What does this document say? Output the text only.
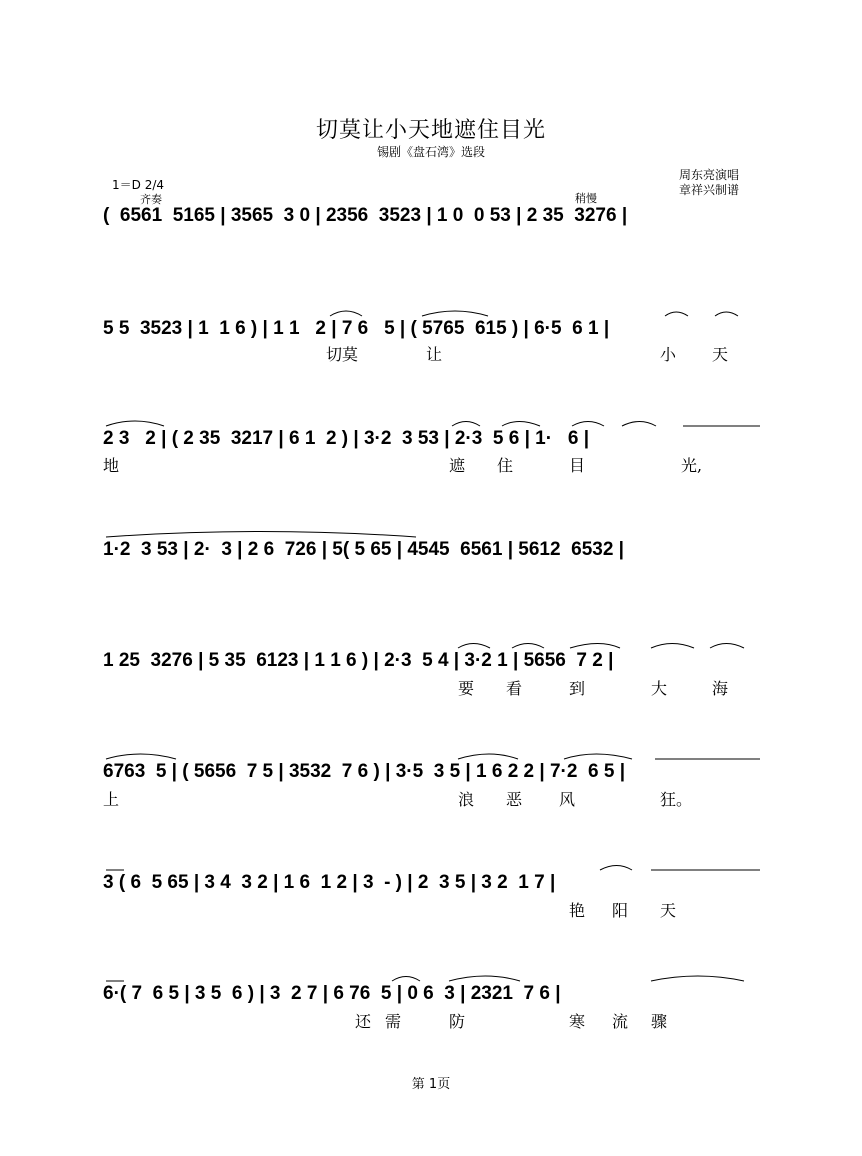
切莫让小天地遮住目光
锡剧《盘石湾》选段
周东亮演唱
章祥兴制谱
1＝D 2/4
齐奏	稍慢
(  6561  5165 | 3565  3 0 | 2356  3523 | 1 0  0 53 | 2 35  3276 |
5 5  3523 | 1  1 6 ) | 1 1   2 | 7 6   5 | ( 5765  615 ) | 6·5  6 1 |
2 3   2 | ( 2 35  3217 | 6 1  2 ) | 3·2  3 53 | 2·3  5 6 | 1·   6 |
1·2  3 53 | 2·  3 | 2 6  726 | 5( 5 65 | 4545  6561 | 5612  6532 |
1 25  3276 | 5 35  6123 | 1 1 6 ) | 2·3  5 4 | 3·2 1 | 5656  7 2 |
6763  5 | ( 5656  7 5 | 3532  7 6 ) | 3·5  3 5 | 1 6 2 2 | 7·2  6 5 |
3 ( 6  5 65 | 3 4  3 2 | 1 6  1 2 | 3  - ) | 2  3 5 | 3 2  1 7 |
6·( 7  6 5 | 3 5  6 ) | 3  2 7 | 6 76  5 | 0 6  3 | 2321  7 6 |
第 1页
切莫	让	小 天
地	遮 住	目	光,
要 看	到	大	海
上	浪 恶 风	狂。
艳 阳 天
还 需	防	寒 流 骤
